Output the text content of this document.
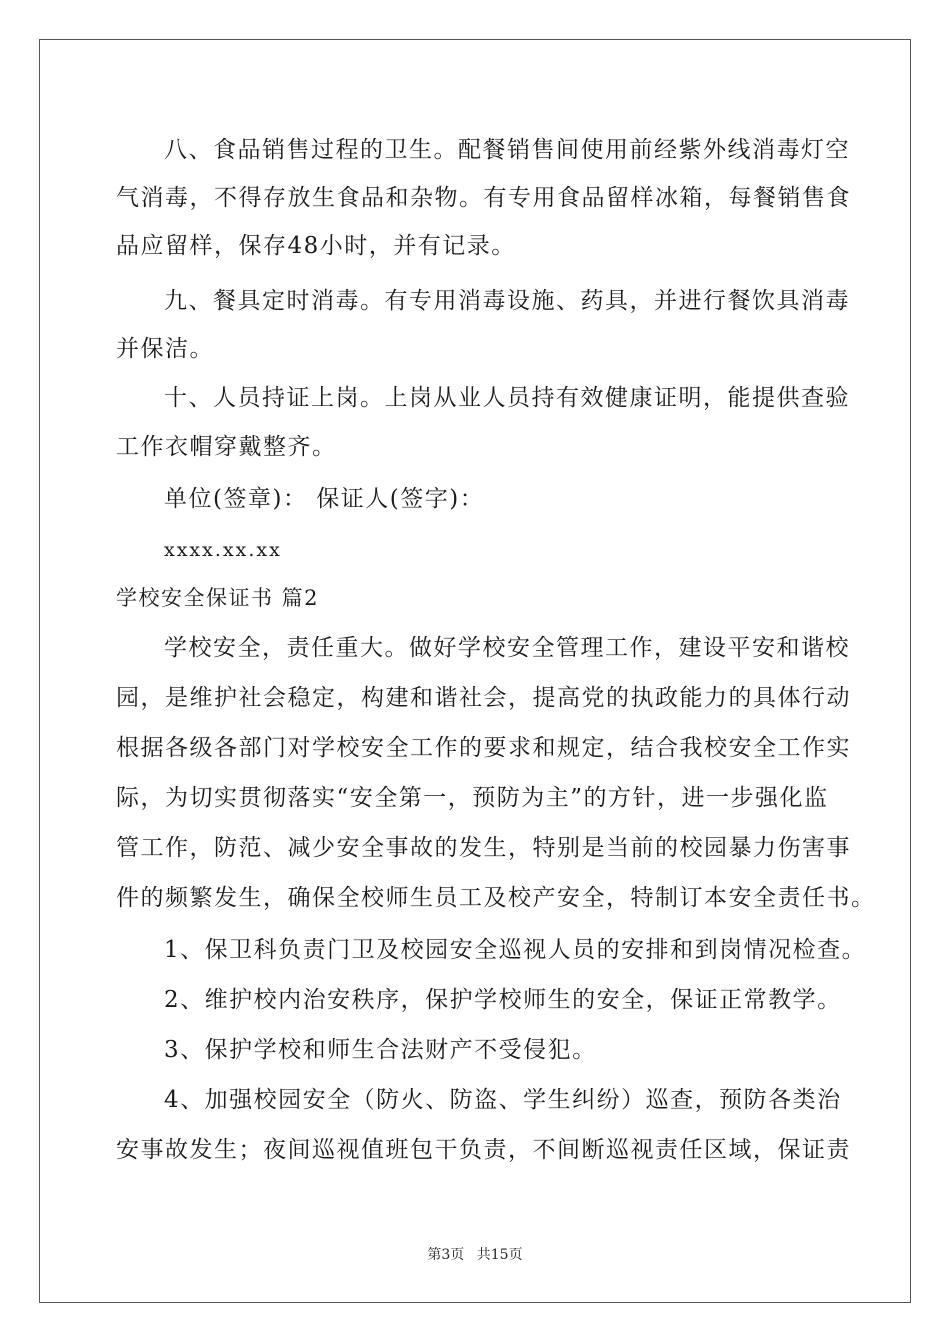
八、食品销售过程的卫生。配餐销售间使用前经紫外线消毒灯空
气消毒，不得存放生食品和杂物。有专用食品留样冰箱，每餐销售食
品应留样，保存48小时，并有记录。
九、餐具定时消毒。有专用消毒设施、药具，并进行餐饮具消毒
并保洁。
十、人员持证上岗。上岗从业人员持有效健康证明，能提供查验
工作衣帽穿戴整齐。
单位(签章)： 保证人(签字)：
xxxx.xx.xx
学校安全保证书 篇2
学校安全，责任重大。做好学校安全管理工作，建设平安和谐校
园，是维护社会稳定，构建和谐社会，提高党的执政能力的具体行动
根据各级各部门对学校安全工作的要求和规定，结合我校安全工作实
际，为切实贯彻落实“安全第一，预防为主”的方针，进一步强化监
管工作，防范、减少安全事故的发生，特别是当前的校园暴力伤害事
件的频繁发生，确保全校师生员工及校产安全，特制订本安全责任书。
1、保卫科负责门卫及校园安全巡视人员的安排和到岗情况检查。
2、维护校内治安秩序，保护学校师生的安全，保证正常教学。
3、保护学校和师生合法财产不受侵犯。
4、加强校园安全（防火、防盗、学生纠纷）巡查，预防各类治
安事故发生；夜间巡视值班包干负责，不间断巡视责任区域，保证责
第3页 共15页
